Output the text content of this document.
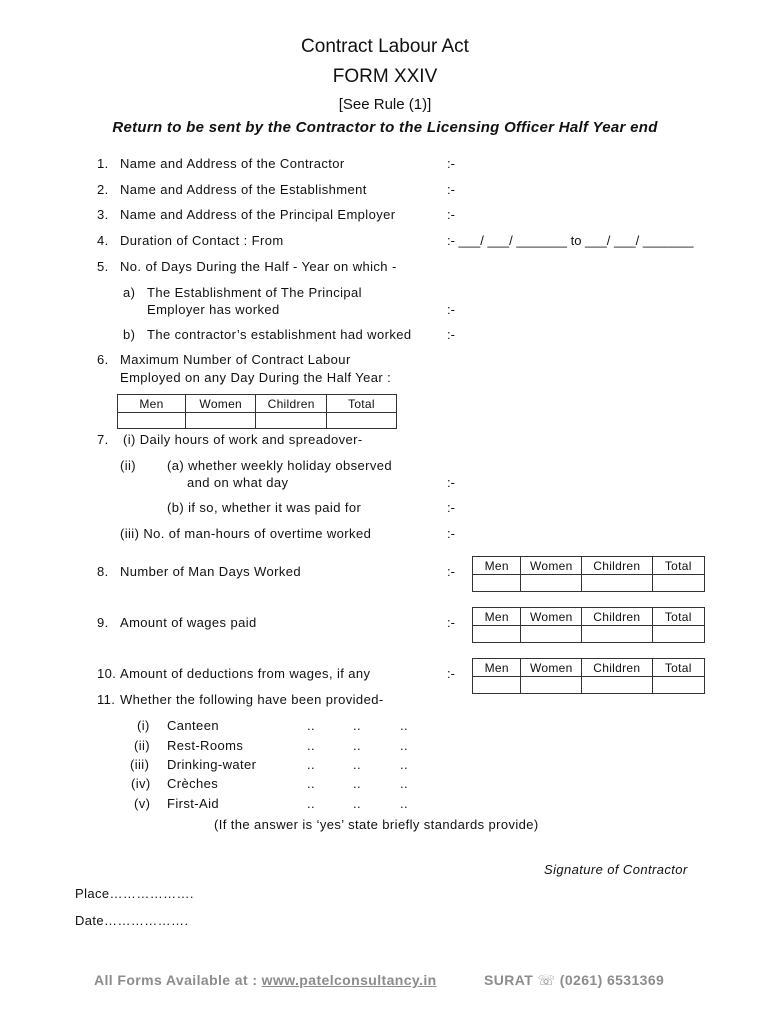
Contract Labour Act
FORM XXIV
[See Rule (1)]
Return to be sent by the Contractor to the Licensing Officer Half Year end
1. Name and Address of the Contractor	:-
2. Name and Address of the Establishment	:-
3. Name and Address of the Principal Employer	:-
4. Duration of Contact : From	:- ___/ ___/ _______ to ___/ ___/ _______
5. No. of Days During the Half - Year on which -
a) The Establishment of The Principal
Employer has worked	:-
b) The contractor’s establishment had worked	:-
6. Maximum Number of Contract Labour
Employed on any Day During the Half Year :
Men	Women	Children	Total

7. (i) Daily hours of work and spreadover-
(ii) (a) whether weekly holiday observed
and on what day	:-
(b) if so, whether it was paid for	:-
(iii) No. of man-hours of overtime worked	:-
8. Number of Man Days Worked	:- Men	Women	Children	Total

9. Amount of wages paid	:- Men	Women	Children	Total

10. Amount of deductions from wages, if any	:- Men	Women	Children	Total

11. Whether the following have been provided-
(i) Canteen	..	..	..
(ii) Rest-Rooms	..	..	..
(iii) Drinking-water	..	..	..
(iv) Crèches	..	..	..
(v) First-Aid	..	..	..
(If the answer is ‘yes’ state briefly standards provide)
Signature of Contractor
Place……………….
Date……………….
All Forms Available at : www.patelconsultancy.in	SURAT ☏ (0261) 6531369
